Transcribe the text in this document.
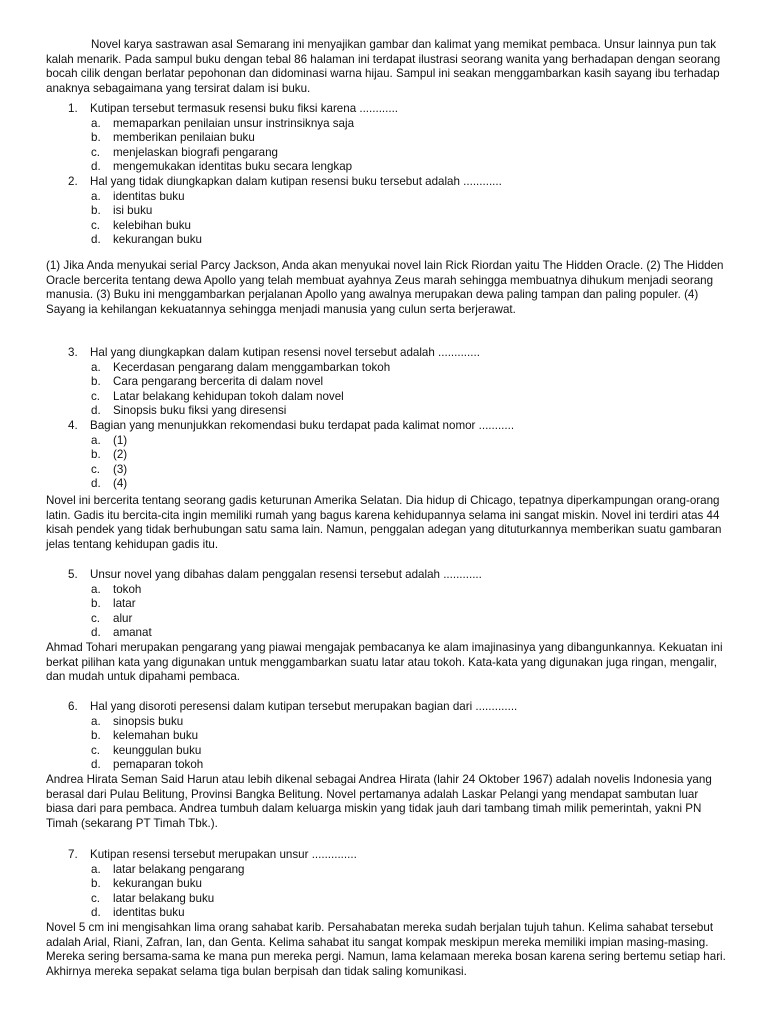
Novel karya sastrawan asal Semarang ini menyajikan gambar dan kalimat yang memikat pembaca. Unsur lainnya pun tak kalah menarik. Pada sampul buku dengan tebal 86 halaman ini terdapat ilustrasi seorang wanita yang berhadapan dengan seorang bocah cilik dengan berlatar pepohonan dan didominasi warna hijau. Sampul ini seakan menggambarkan kasih sayang ibu terhadap anaknya sebagaimana yang tersirat dalam isi buku.

1. Kutipan tersebut termasuk resensi buku fiksi karena ............
a. memaparkan penilaian unsur instrinsiknya saja
b. memberikan penilaian buku
c. menjelaskan biografi pengarang
d. mengemukakan identitas buku secara lengkap
2. Hal yang tidak diungkapkan dalam kutipan resensi buku tersebut adalah ............
a. identitas buku
b. isi buku
c. kelebihan buku
d. kekurangan buku

(1) Jika Anda menyukai serial Parcy Jackson, Anda akan menyukai novel lain Rick Riordan yaitu The Hidden Oracle. (2) The Hidden Oracle bercerita tentang dewa Apollo yang telah membuat ayahnya Zeus marah sehingga membuatnya dihukum menjadi seorang manusia. (3) Buku ini menggambarkan perjalanan Apollo yang awalnya merupakan dewa paling tampan dan paling populer. (4) Sayang ia kehilangan kekuatannya sehingga menjadi manusia yang culun serta berjerawat.

3. Hal yang diungkapkan dalam kutipan resensi novel tersebut adalah .............
a. Kecerdasan pengarang dalam menggambarkan tokoh
b. Cara pengarang bercerita di dalam novel
c. Latar belakang kehidupan tokoh dalam novel
d. Sinopsis buku fiksi yang diresensi
4. Bagian yang menunjukkan rekomendasi buku terdapat pada kalimat nomor ...........
a. (1)
b. (2)
c. (3)
d. (4)

Novel ini bercerita tentang seorang gadis keturunan Amerika Selatan. Dia hidup di Chicago, tepatnya diperkampungan orang-orang latin. Gadis itu bercita-cita ingin memiliki rumah yang bagus karena kehidupannya selama ini sangat miskin. Novel ini terdiri atas 44 kisah pendek yang tidak berhubungan satu sama lain. Namun, penggalan adegan yang dituturkannya memberikan suatu gambaran jelas tentang kehidupan gadis itu.

5. Unsur novel yang dibahas dalam penggalan resensi tersebut adalah ............
a. tokoh
b. latar
c. alur
d. amanat

Ahmad Tohari merupakan pengarang yang piawai mengajak pembacanya ke alam imajinasinya yang dibangunkannya. Kekuatan ini berkat pilihan kata yang digunakan untuk menggambarkan suatu latar atau tokoh. Kata-kata yang digunakan juga ringan, mengalir, dan mudah untuk dipahami pembaca.

6. Hal yang disoroti peresensi dalam kutipan tersebut merupakan bagian dari .............
a. sinopsis buku
b. kelemahan buku
c. keunggulan buku
d. pemaparan tokoh

Andrea Hirata Seman Said Harun atau lebih dikenal sebagai Andrea Hirata (lahir 24 Oktober 1967) adalah novelis Indonesia yang berasal dari Pulau Belitung, Provinsi Bangka Belitung. Novel pertamanya adalah Laskar Pelangi yang mendapat sambutan luar biasa dari para pembaca. Andrea tumbuh dalam keluarga miskin yang tidak jauh dari tambang timah milik pemerintah, yakni PN Timah (sekarang PT Timah Tbk.).

7. Kutipan resensi tersebut merupakan unsur ..............
a. latar belakang pengarang
b. kekurangan buku
c. latar belakang buku
d. identitas buku

Novel 5 cm ini mengisahkan lima orang sahabat karib. Persahabatan mereka sudah berjalan tujuh tahun. Kelima sahabat tersebut adalah Arial, Riani, Zafran, Ian, dan Genta. Kelima sahabat itu sangat kompak meskipun mereka memiliki impian masing-masing. Mereka sering bersama-sama ke mana pun mereka pergi. Namun, lama kelamaan mereka bosan karena sering bertemu setiap hari. Akhirnya mereka sepakat selama tiga bulan berpisah dan tidak saling komunikasi.
